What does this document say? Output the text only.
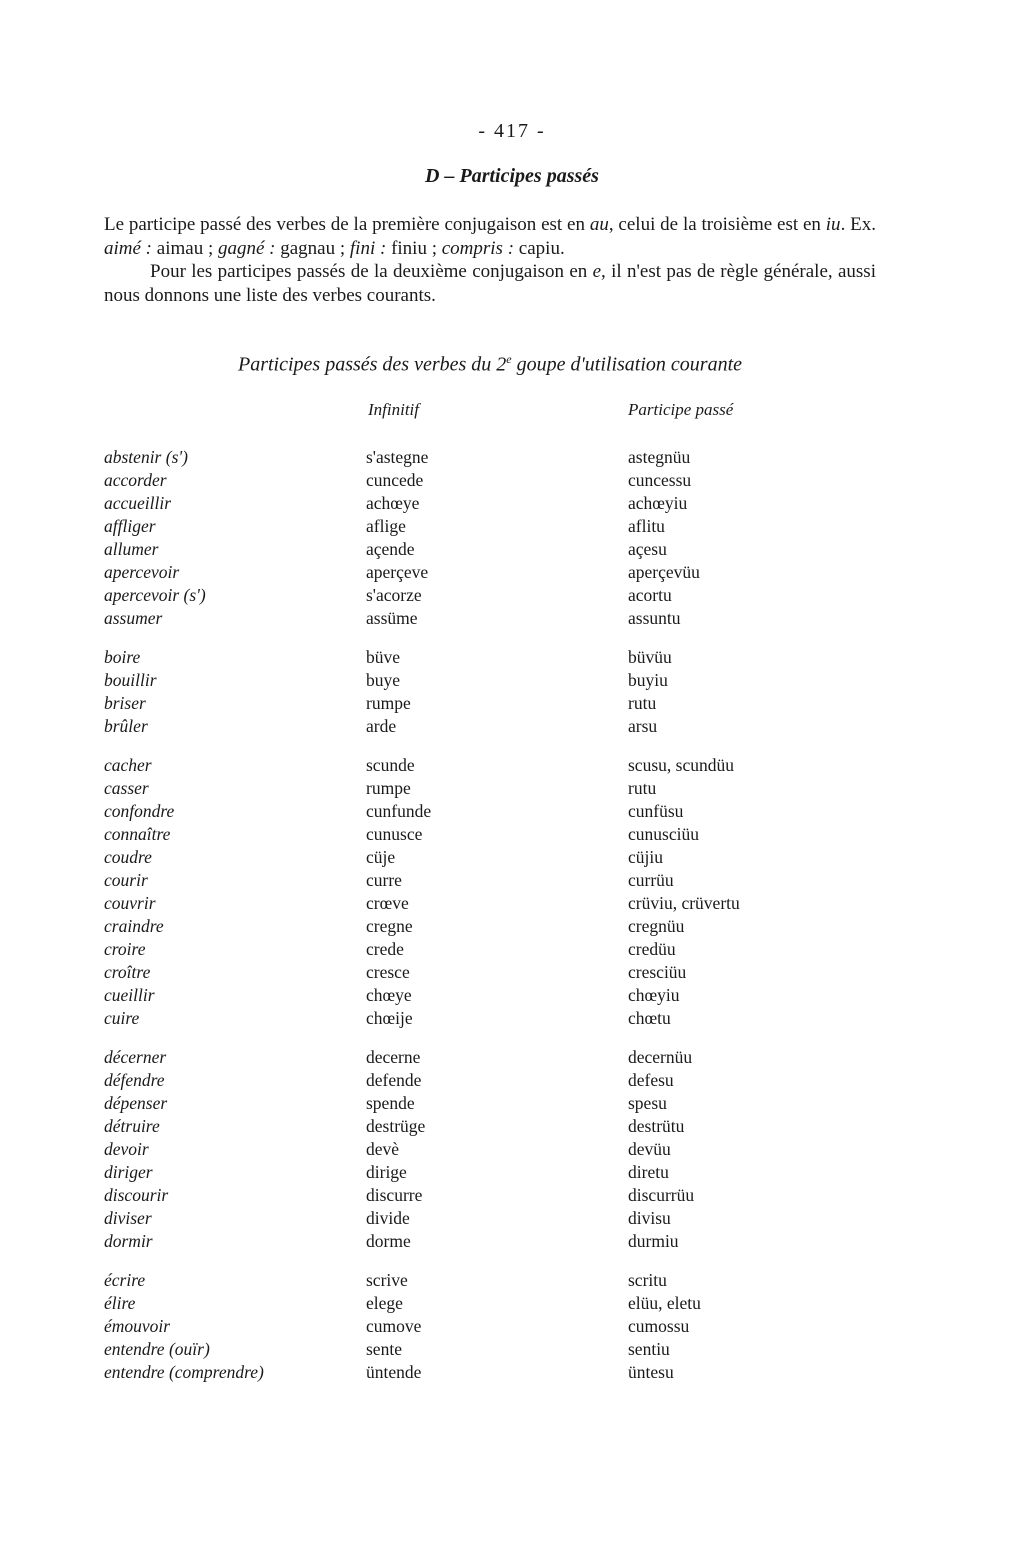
- 417 -
D – Participes passés

Le participe passé des verbes de la première conjugaison est en au, celui de la troisième est en iu. Ex. aimé : aimau ; gagné : gagnau ; fini : finiu ; compris : capiu.

Pour les participes passés de la deuxième conjugaison en e, il n'est pas de règle générale, aussi nous donnons une liste des verbes courants.

Participes passés des verbes du 2e goupe d'utilisation courante
Infinitif	Participe passé
abstenir (s')	s'astegne	astegnüu
accorder	cuncede	cuncessu
accueillir	achœye	achœyiu
affliger	aflige	aflitu
allumer	açende	açesu
apercevoir	aperçeve	aperçevüu
apercevoir (s')	s'acorze	acortu
assumer	assüme	assuntu
boire	büve	büvüu
bouillir	buye	buyiu
briser	rumpe	rutu
brûler	arde	arsu
cacher	scunde	scusu, scundüu
casser	rumpe	rutu
confondre	cunfunde	cunfüsu
connaître	cunusce	cunusciüu
coudre	cüje	cüjiu
courir	curre	currüu
couvrir	crœve	crüviu, crüvertu
craindre	cregne	cregnüu
croire	crede	credüu
croître	cresce	cresciüu
cueillir	chœye	chœyiu
cuire	chœije	chœtu
décerner	decerne	decernüu
défendre	defende	defesu
dépenser	spende	spesu
détruire	destrüge	destrütu
devoir	devè	devüu
diriger	dirige	diretu
discourir	discurre	discurrüu
diviser	divide	divisu
dormir	dorme	durmiu
écrire	scrive	scritu
élire	elege	elüu, eletu
émouvoir	cumove	cumossu
entendre (ouïr)	sente	sentiu
entendre (comprendre)	üntende	üntesu
